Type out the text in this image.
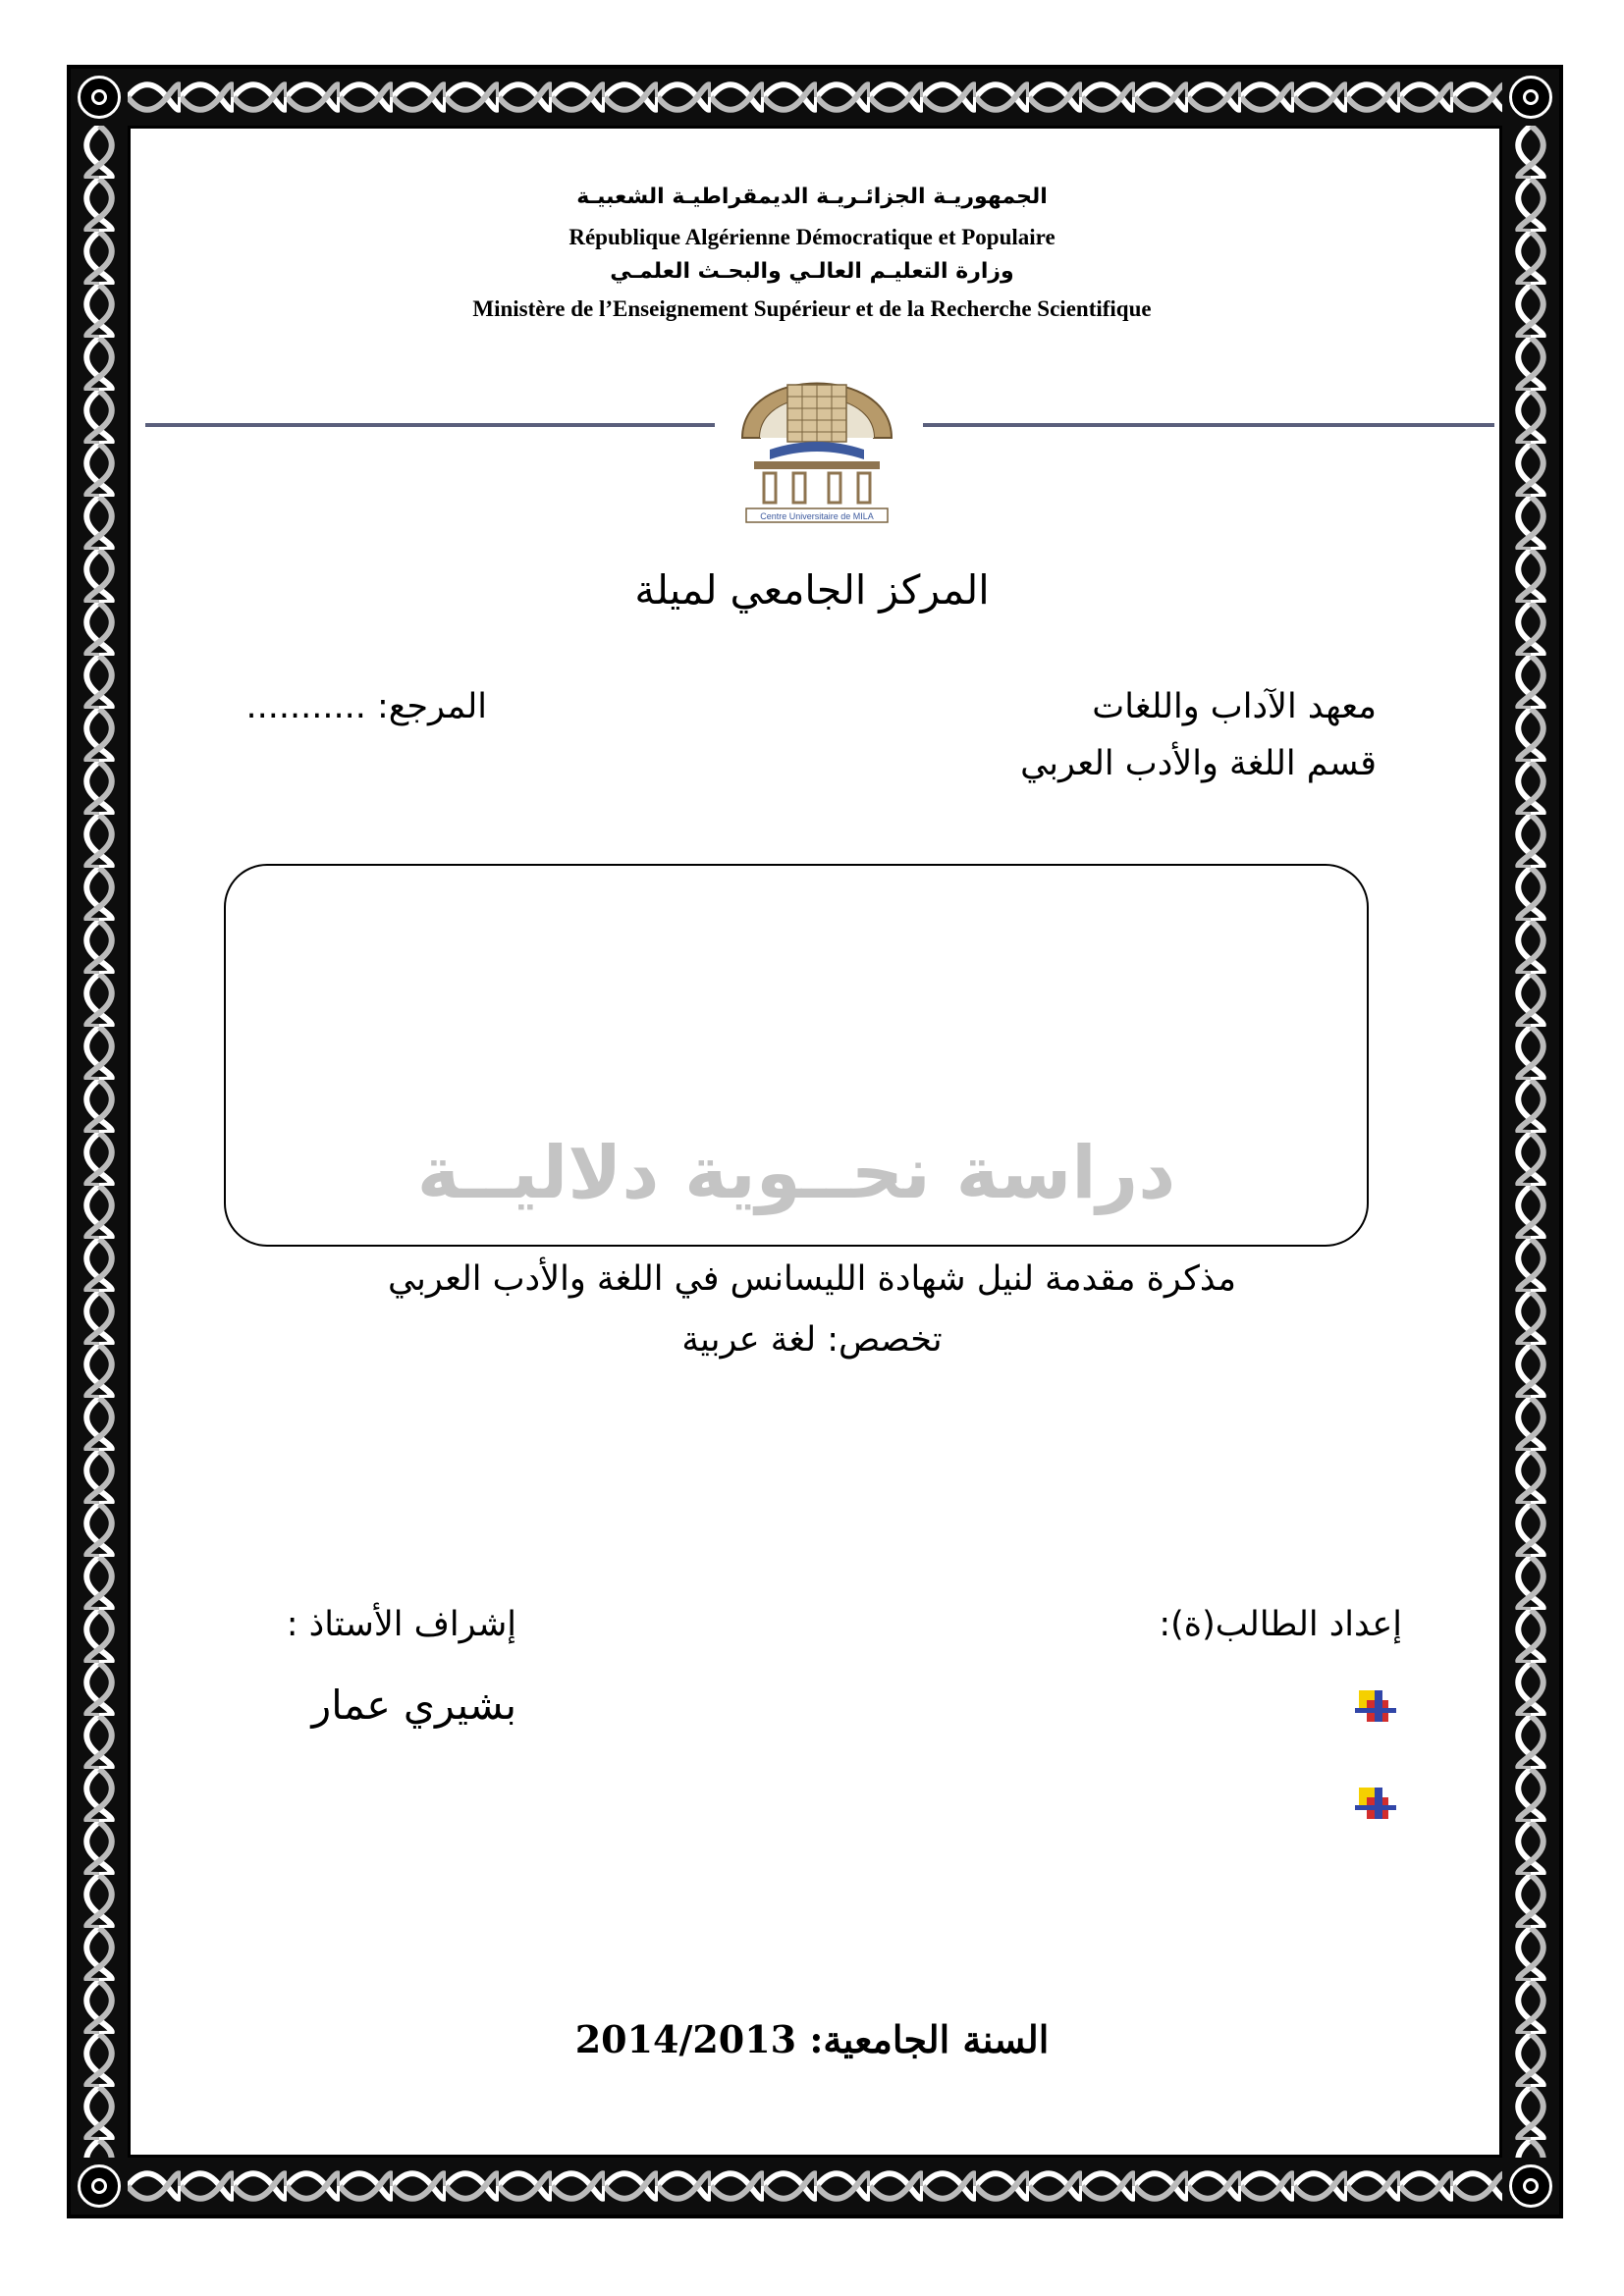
الجمهوريـة الجزائـريـة الديمقراطيـة الشعبيـة
République Algérienne Démocratique et Populaire
وزارة التعليـم العالـي والبحـث العلمـي
Ministère de l’Enseignement Supérieur et de la Recherche Scientifique
Centre Universitaire de MILA
المركز الجامعي لميلة
معهد الآداب واللغات
قسم اللغة والأدب العربي
المرجع: ...........
دراسة نحــوية دلاليــة
مذكرة مقدمة لنيل شهادة الليسانس في اللغة والأدب العربي
تخصص: لغة عربية
إعداد الطالب(ة):
إشراف الأستاذ :
بشيري عمار
السنة الجامعية: 2014/2013
